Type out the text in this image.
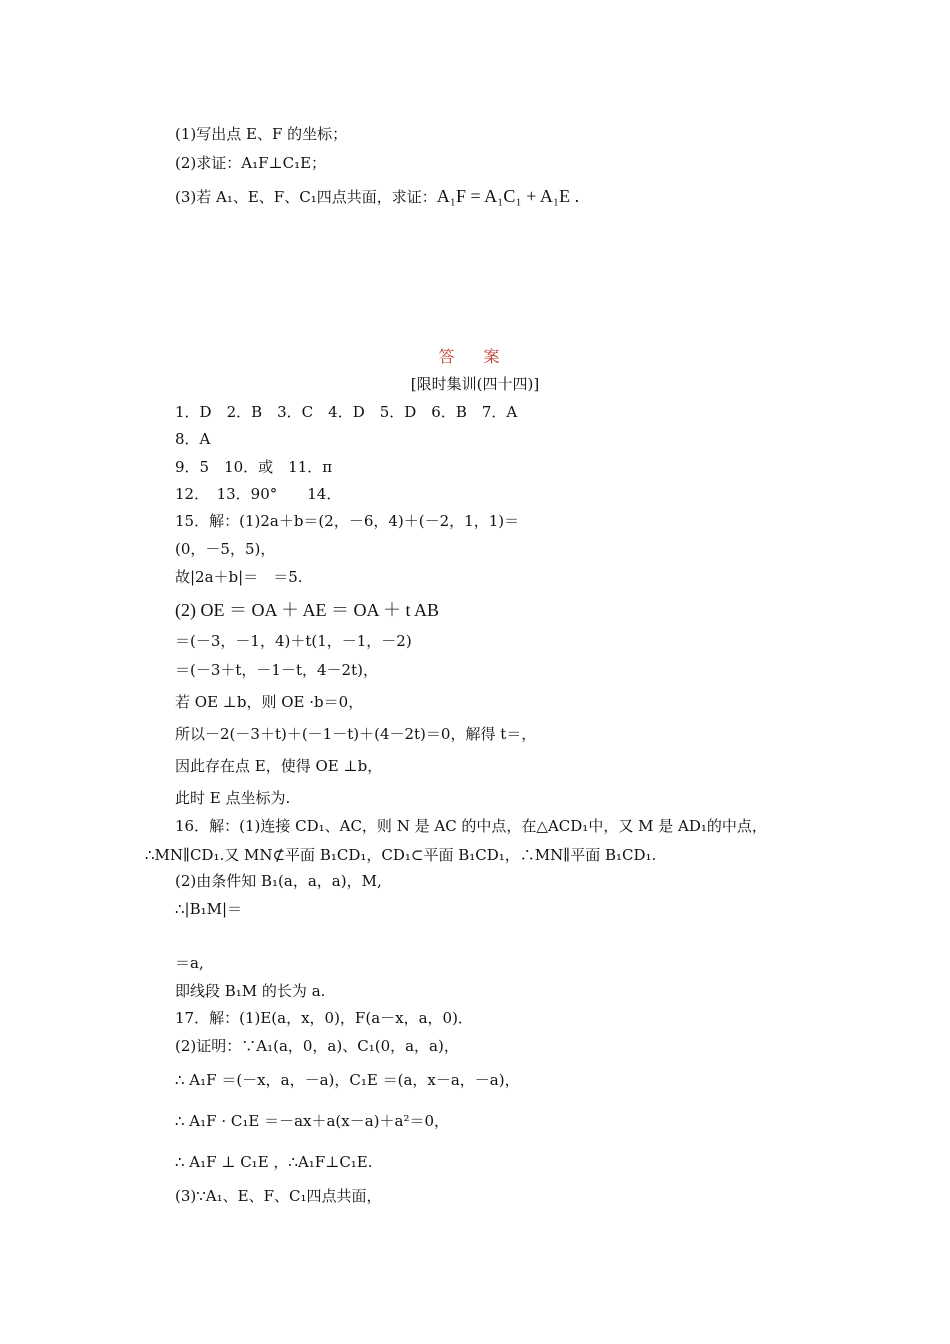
(1)写出点 E、F 的坐标；
(2)求证：A₁F⊥C₁E；
(3)若 A₁、E、F、C₁四点共面，求证：A₁F = A₁C₁ + A₁E .
答 案
[限时集训(四十四)]
1．D　2．B　3．C　4．D　5．D　6．B　7．A
8．A
9．5　10．或　11．π
12．　13．90°　　14．
15．解：(1)2a＋b＝(2，－6，4)＋(－2，1，1)＝
(0，－5，5)，
故|2a＋b|＝　＝5.
(2) OE ＝ OA ＋ AE ＝ OA ＋ t AB
＝(－3，－1，4)＋t(1，－1，－2)
＝(－3＋t，－1－t，4－2t)，
若 OE ⊥b，则 OE ·b＝0，
所以－2(－3＋t)＋(－1－t)＋(4－2t)＝0，解得 t＝，
因此存在点 E，使得 OE ⊥b，
此时 E 点坐标为.
16．解：(1)连接 CD₁、AC，则 N 是 AC 的中点，在△ACD₁中，又 M 是 AD₁的中点，
∴MN∥CD₁.又 MN⊄平面 B₁CD₁，CD₁⊂平面 B₁CD₁，∴MN∥平面 B₁CD₁.
(2)由条件知 B₁(a，a，a)，M,
∴|B₁M|＝
＝a,
即线段 B₁M 的长为 a.
17．解：(1)E(a，x，0)，F(a－x，a，0)．
(2)证明：∵A₁(a，0，a)、C₁(0，a，a)，
∴ A₁F ＝(－x，a，－a)，C₁E ＝(a，x－a，－a)，
∴ A₁F · C₁E ＝－ax＋a(x－a)＋a²＝0，
∴ A₁F ⊥ C₁E ，∴A₁F⊥C₁E.
(3)∵A₁、E、F、C₁四点共面，
